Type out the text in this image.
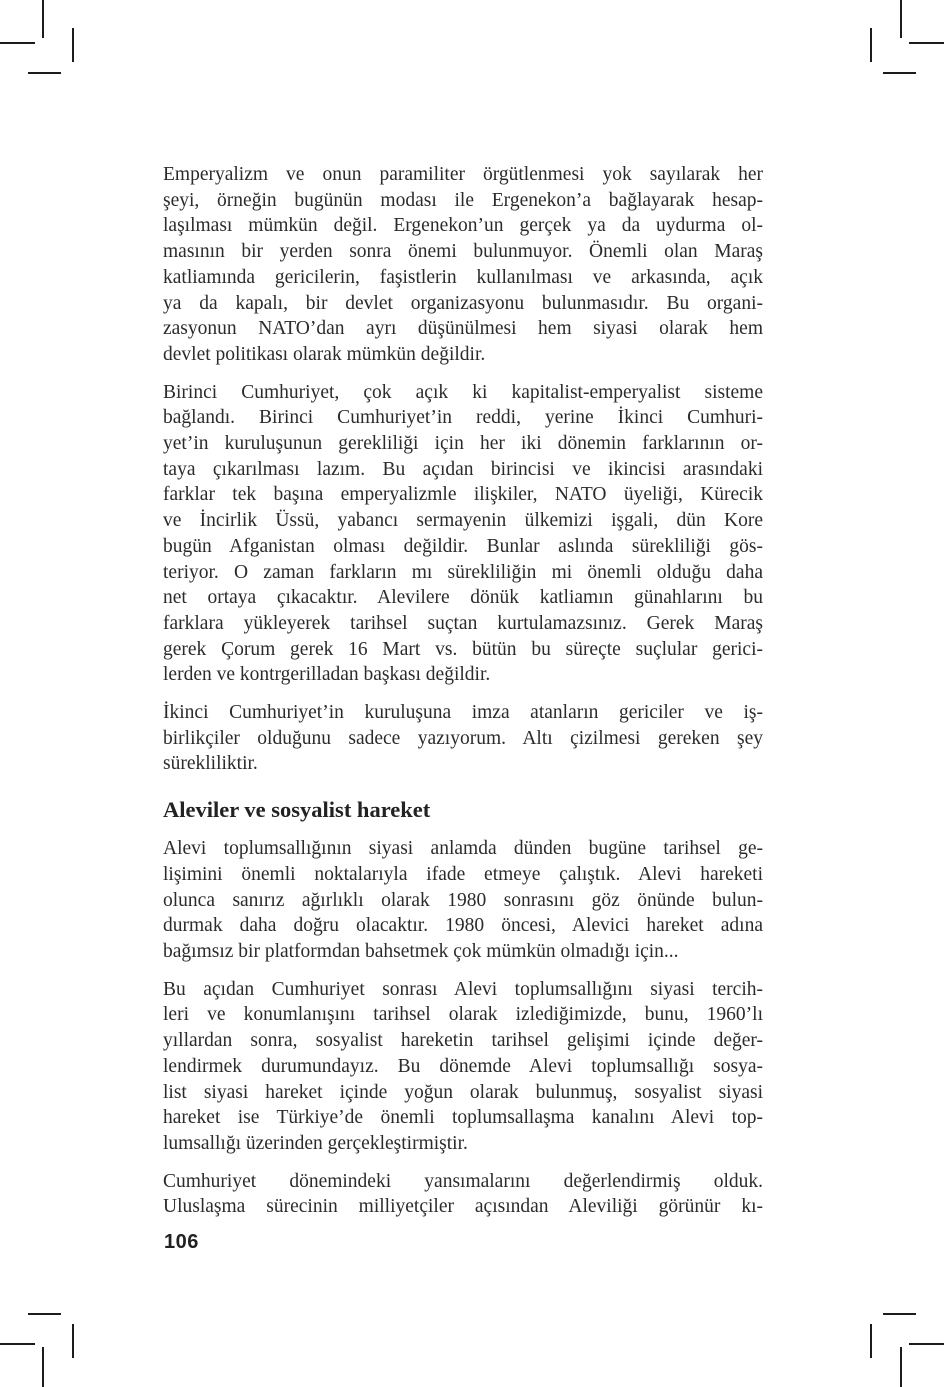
Emperyalizm ve onun paramiliter örgütlenmesi yok sayılarak her
şeyi, örneğin bugünün modası ile Ergenekon’a bağlayarak hesap-
laşılması mümkün değil. Ergenekon’un gerçek ya da uydurma ol-
masının bir yerden sonra önemi bulunmuyor. Önemli olan Maraş
katliamında gericilerin, faşistlerin kullanılması ve arkasında, açık
ya da kapalı, bir devlet organizasyonu bulunmasıdır. Bu organi-
zasyonun NATO’dan ayrı düşünülmesi hem siyasi olarak hem
devlet politikası olarak mümkün değildir.
Birinci Cumhuriyet, çok açık ki kapitalist-emperyalist sisteme
bağlandı. Birinci Cumhuriyet’in reddi, yerine İkinci Cumhuri-
yet’in kuruluşunun gerekliliği için her iki dönemin farklarının or-
taya çıkarılması lazım. Bu açıdan birincisi ve ikincisi arasındaki
farklar tek başına emperyalizmle ilişkiler, NATO üyeliği, Kürecik
ve İncirlik Üssü, yabancı sermayenin ülkemizi işgali, dün Kore
bugün Afganistan olması değildir. Bunlar aslında sürekliliği gös-
teriyor. O zaman farkların mı sürekliliğin mi önemli olduğu daha
net ortaya çıkacaktır. Alevilere dönük katliamın günahlarını bu
farklara yükleyerek tarihsel suçtan kurtulamazsınız. Gerek Maraş
gerek Çorum gerek 16 Mart vs. bütün bu süreçte suçlular gerici-
lerden ve kontrgerilladan başkası değildir.
İkinci Cumhuriyet’in kuruluşuna imza atanların gericiler ve iş-
birlikçiler olduğunu sadece yazıyorum. Altı çizilmesi gereken şey
sürekliliktir.
Aleviler ve sosyalist hareket
Alevi toplumsallığının siyasi anlamda dünden bugüne tarihsel ge-
lişimini önemli noktalarıyla ifade etmeye çalıştık. Alevi hareketi
olunca sanırız ağırlıklı olarak 1980 sonrasını göz önünde bulun-
durmak daha doğru olacaktır. 1980 öncesi, Alevici hareket adına
bağımsız bir platformdan bahsetmek çok mümkün olmadığı için...
Bu açıdan Cumhuriyet sonrası Alevi toplumsallığını siyasi tercih-
leri ve konumlanışını tarihsel olarak izlediğimizde, bunu, 1960’lı
yıllardan sonra, sosyalist hareketin tarihsel gelişimi içinde değer-
lendirmek durumundayız. Bu dönemde Alevi toplumsallığı sosya-
list siyasi hareket içinde yoğun olarak bulunmuş, sosyalist siyasi
hareket ise Türkiye’de önemli toplumsallaşma kanalını Alevi top-
lumsallığı üzerinden gerçekleştirmiştir.
Cumhuriyet dönemindeki yansımalarını değerlendirmiş olduk.
Uluslaşma sürecinin milliyetçiler açısından Aleviliği görünür kı-
106
